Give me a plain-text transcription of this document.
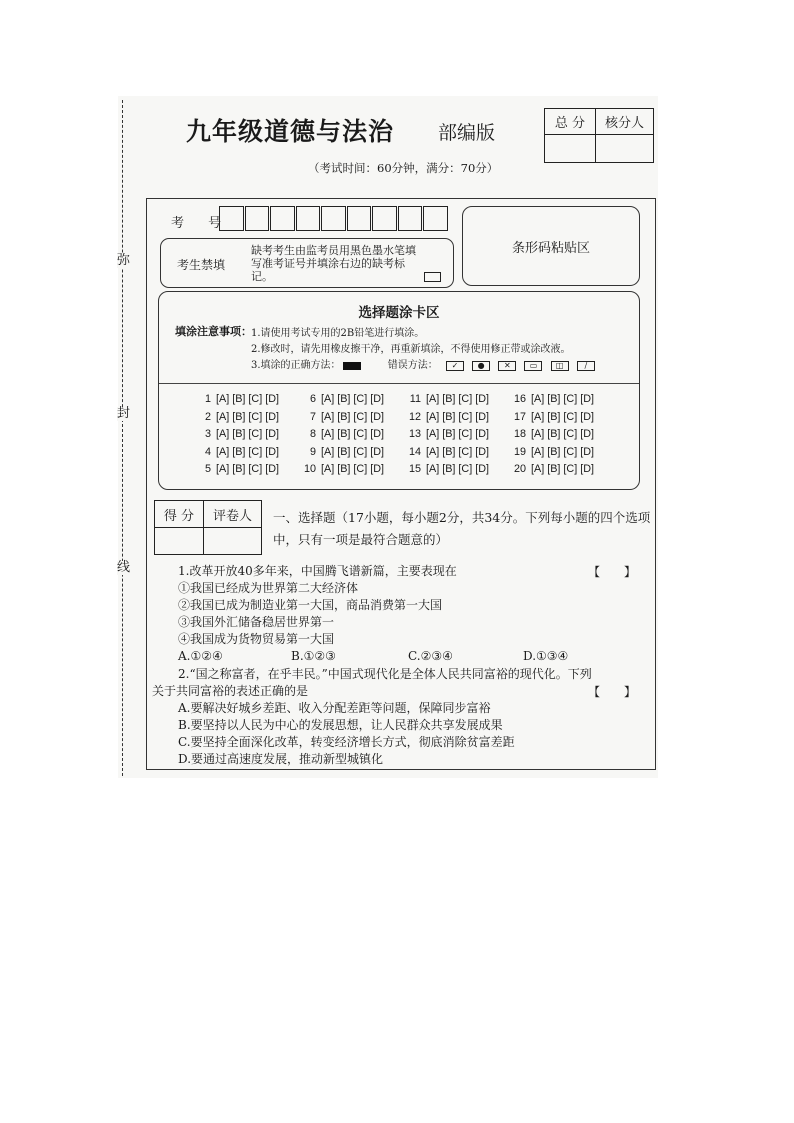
弥
封
线
九年级道德与法治 部编版
（考试时间：60分钟，满分：70分）
总 分	核分人

考 号
条形码粘贴区
考生禁填
缺考考生由监考员用黑色墨水笔填写准考证号并填涂右边的缺考标记。
选择题涂卡区
填涂注意事项： 1.请使用考试专用的2B铅笔进行填涂。
2.修改时，请先用橡皮擦干净，再重新填涂，不得使用修正带或涂改液。
3.填涂的正确方法：	错误方法： ✓ ● ✕ ▭ ◫	∕
1 [A] [B] [C] [D]	6 [A] [B] [C] [D]	11 [A] [B] [C] [D]	16 [A] [B] [C] [D]
2 [A] [B] [C] [D]	7 [A] [B] [C] [D]	12 [A] [B] [C] [D]	17 [A] [B] [C] [D]
3 [A] [B] [C] [D]	8 [A] [B] [C] [D]	13 [A] [B] [C] [D]	18 [A] [B] [C] [D]
4 [A] [B] [C] [D]	9 [A] [B] [C] [D]	14 [A] [B] [C] [D]	19 [A] [B] [C] [D]
5 [A] [B] [C] [D]	10 [A] [B] [C] [D]	15 [A] [B] [C] [D]	20 [A] [B] [C] [D]
得 分	评卷人
	一、选择题（17小题，每小题2分，共34分。下列每小题的四个选项中，只有一项是最符合题意的）
1.改革开放40多年来，中国腾飞谱新篇，主要表现在	【　　】
①我国已经成为世界第二大经济体
②我国已成为制造业第一大国，商品消费第一大国
③我国外汇储备稳居世界第一
④我国成为货物贸易第一大国
A.①②④	B.①②③	C.②③④	D.①③④
2.“国之称富者，在乎丰民。”中国式现代化是全体人民共同富裕的现代化。下列
关于共同富裕的表述正确的是	【　　】
A.要解决好城乡差距、收入分配差距等问题，保障同步富裕
B.要坚持以人民为中心的发展思想，让人民群众共享发展成果
C.要坚持全面深化改革，转变经济增长方式，彻底消除贫富差距
D.要通过高速度发展，推动新型城镇化
